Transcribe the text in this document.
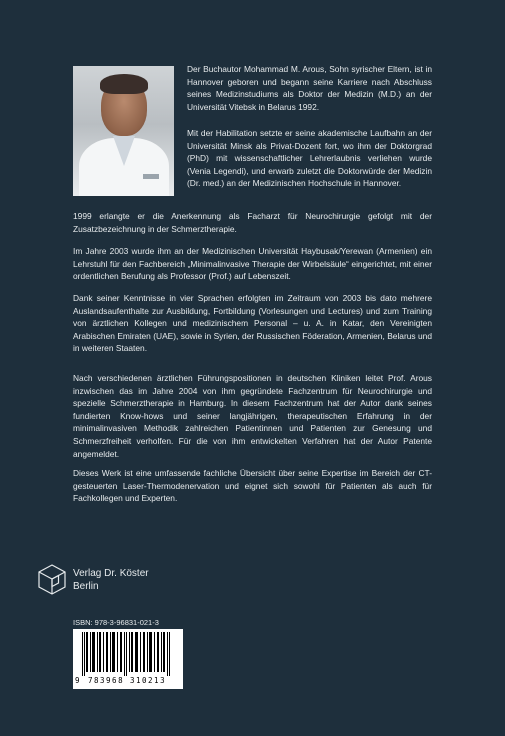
Der Buchautor Mohammad M. Arous, Sohn syrischer Eltern, ist in Hannover geboren und begann seine Karriere nach Abschluss seines Medizinstudiums als Doktor der Medizin (M.D.) an der Universität Vitebsk in Belarus 1992.

Mit der Habilitation setzte er seine akademische Laufbahn an der Universität Minsk als Privat-Dozent fort, wo ihm der Doktorgrad (PhD) mit wissenschaftlicher Lehrerlaubnis verliehen wurde (Venia Legendi), und erwarb zuletzt die Doktorwürde der Medizin (Dr. med.) an der Medizinischen Hochschule in Hannover.

1999 erlangte er die Anerkennung als Facharzt für Neurochirurgie gefolgt mit der Zusatzbezeichnung in der Schmerztherapie.

Im Jahre 2003 wurde ihm an der Medizinischen Universität Haybusak/Yerewan (Armenien) ein Lehrstuhl für den Fachbereich „Minimalinvasive Therapie der Wirbelsäule“ eingerichtet, mit einer ordentlichen Berufung als Professor (Prof.) auf Lebenszeit.

Dank seiner Kenntnisse in vier Sprachen erfolgten im Zeitraum von 2003 bis dato mehrere Auslandsaufenthalte zur Ausbildung, Fortbildung (Vorlesungen und Lectures) und zum Training von ärztlichen Kollegen und medizinischem Personal – u. A. in Katar, den Vereinigten Arabischen Emiraten (UAE), sowie in Syrien, der Russischen Föderation, Armenien, Belarus und in weiteren Staaten.

Nach verschiedenen ärztlichen Führungspositionen in deutschen Kliniken leitet Prof. Arous inzwischen das im Jahre 2004 von ihm gegründete Fachzentrum für Neurochirurgie und spezielle Schmerztherapie in Hamburg. In diesem Fachzentrum hat der Autor dank seines fundierten Know-hows und seiner langjährigen, therapeutischen Erfahrung in der minimalinvasiven Methodik zahlreichen Patientinnen und Patienten zur Genesung und Schmerzfreiheit verholfen. Für die von ihm entwickelten Verfahren hat der Autor Patente angemeldet.

Dieses Werk ist eine umfassende fachliche Übersicht über seine Expertise im Bereich der CT-gesteuerten Laser-Thermodenervation und eignet sich sowohl für Patienten als auch für Fachkollegen und Experten.

Verlag Dr. Köster
Berlin
ISBN: 978-3-96831-021-3
9 783968 310213
